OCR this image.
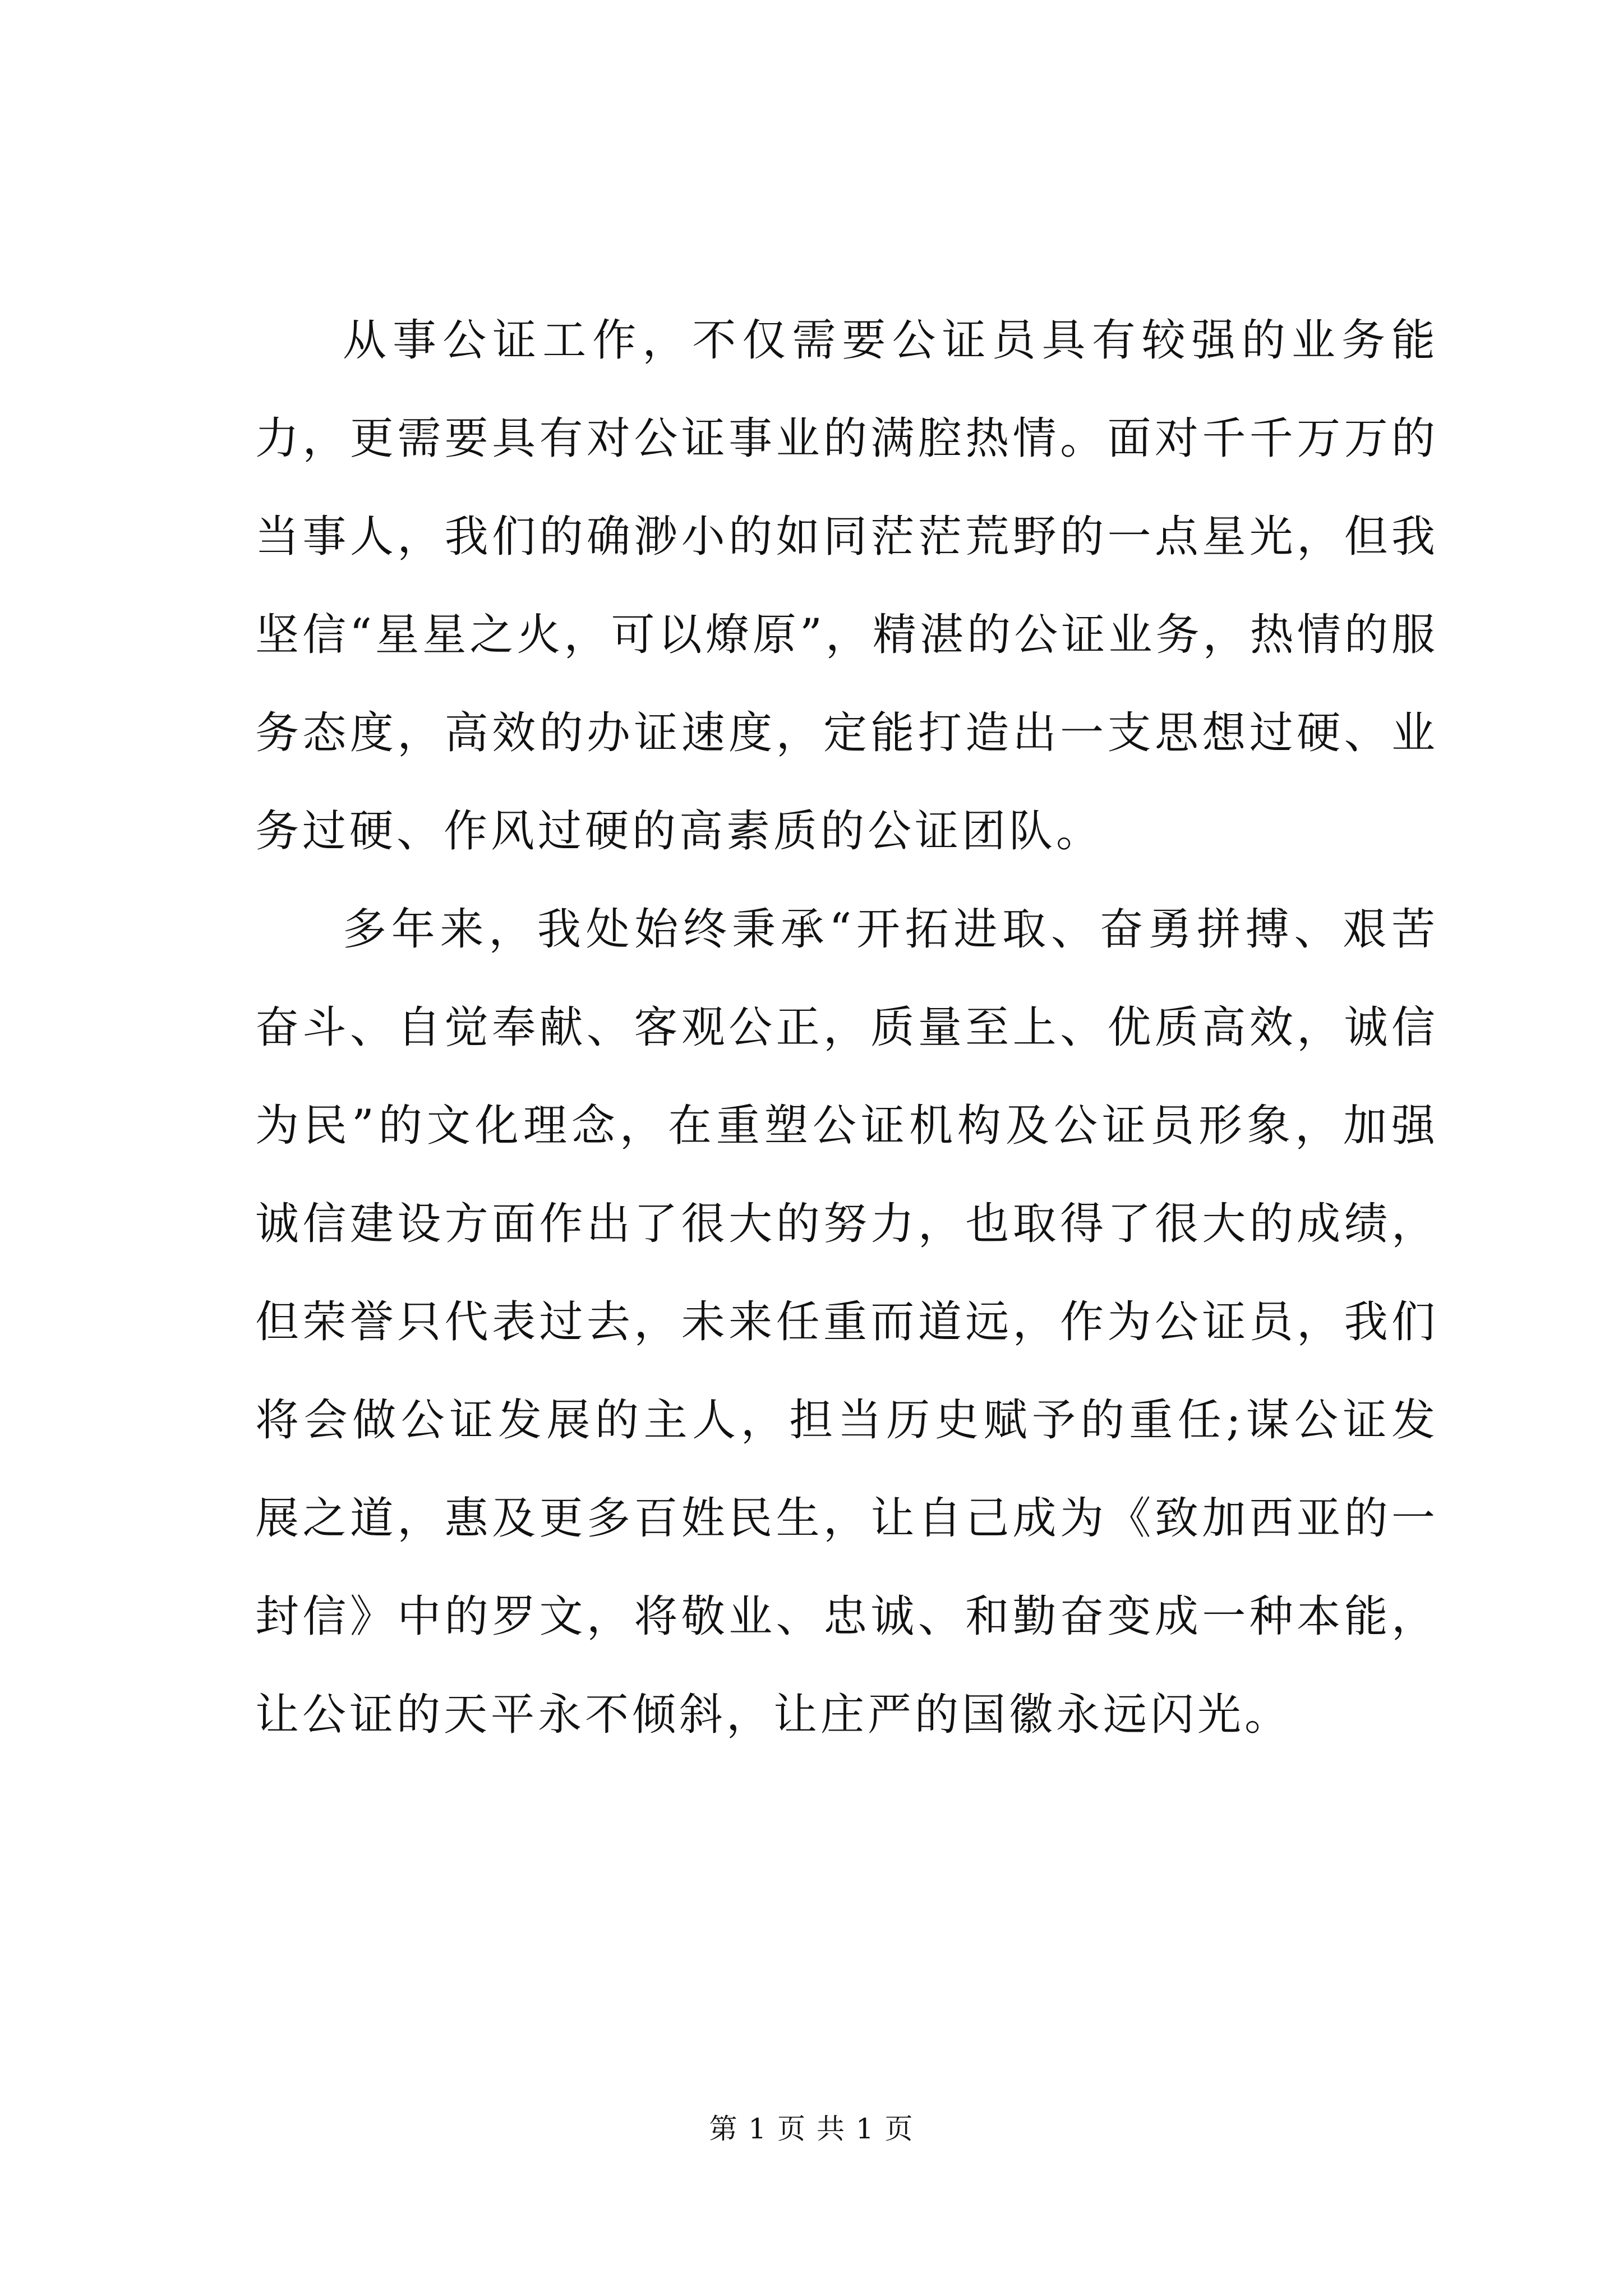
从事公证工作，不仅需要公证员具有较强的业务能力，更需要具有对公证事业的满腔热情。面对千千万万的当事人，我们的确渺小的如同茫茫荒野的一点星光，但我坚信“星星之火，可以燎原”，精湛的公证业务，热情的服务态度，高效的办证速度，定能打造出一支思想过硬、业务过硬、作风过硬的高素质的公证团队。

多年来，我处始终秉承“开拓进取、奋勇拼搏、艰苦奋斗、自觉奉献、客观公正，质量至上、优质高效，诚信为民”的文化理念，在重塑公证机构及公证员形象，加强诚信建设方面作出了很大的努力，也取得了很大的成绩，但荣誉只代表过去，未来任重而道远，作为公证员，我们将会做公证发展的主人，担当历史赋予的重任;谋公证发展之道，惠及更多百姓民生，让自己成为《致加西亚的一封信》中的罗文，将敬业、忠诚、和勤奋变成一种本能，让公证的天平永不倾斜，让庄严的国徽永远闪光。

第 1 页 共 1 页
